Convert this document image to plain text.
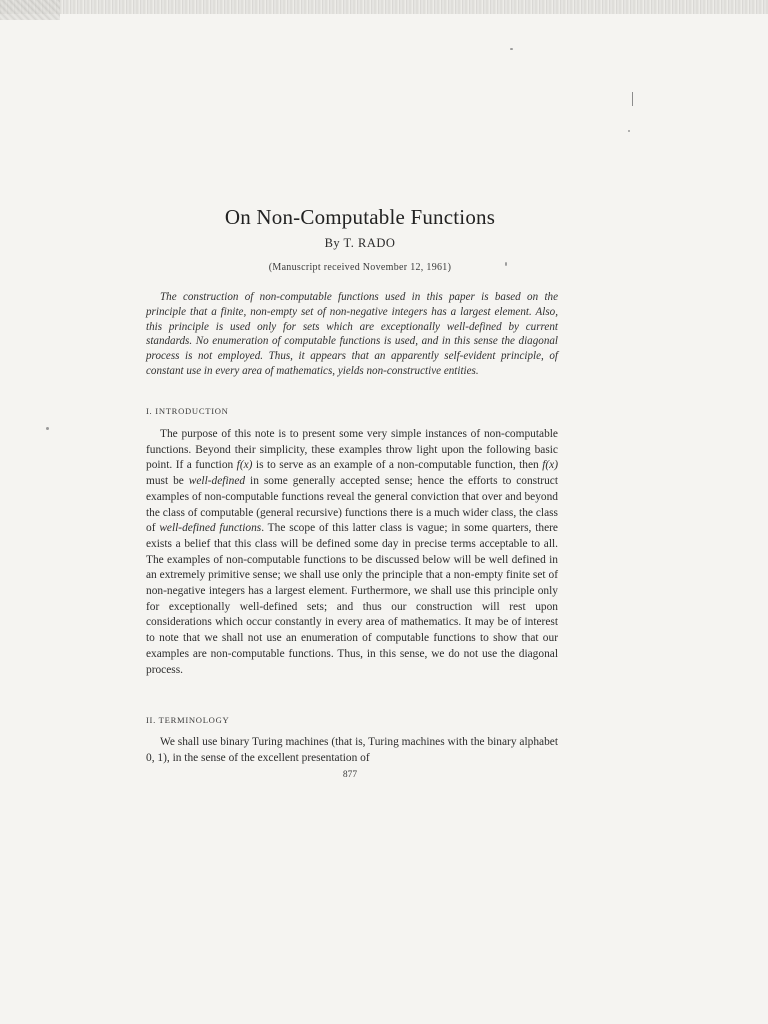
On Non-Computable Functions
By T. RADO
(Manuscript received November 12, 1961)
The construction of non-computable functions used in this paper is based on the principle that a finite, non-empty set of non-negative integers has a largest element. Also, this principle is used only for sets which are exceptionally well-defined by current standards. No enumeration of computable functions is used, and in this sense the diagonal process is not employed. Thus, it appears that an apparently self-evident principle, of constant use in every area of mathematics, yields non-constructive entities.
I. INTRODUCTION
The purpose of this note is to present some very simple instances of non-computable functions. Beyond their simplicity, these examples throw light upon the following basic point. If a function f(x) is to serve as an example of a non-computable function, then f(x) must be well-defined in some generally accepted sense; hence the efforts to construct examples of non-computable functions reveal the general conviction that over and beyond the class of computable (general recursive) functions there is a much wider class, the class of well-defined functions. The scope of this latter class is vague; in some quarters, there exists a belief that this class will be defined some day in precise terms acceptable to all. The examples of non-computable functions to be discussed below will be well defined in an extremely primitive sense; we shall use only the principle that a non-empty finite set of non-negative integers has a largest element. Furthermore, we shall use this principle only for exceptionally well-defined sets; and thus our construction will rest upon considerations which occur constantly in every area of mathematics. It may be of interest to note that we shall not use an enumeration of computable functions to show that our examples are non-computable functions. Thus, in this sense, we do not use the diagonal process.
II. TERMINOLOGY
We shall use binary Turing machines (that is, Turing machines with the binary alphabet 0, 1), in the sense of the excellent presentation of
877
